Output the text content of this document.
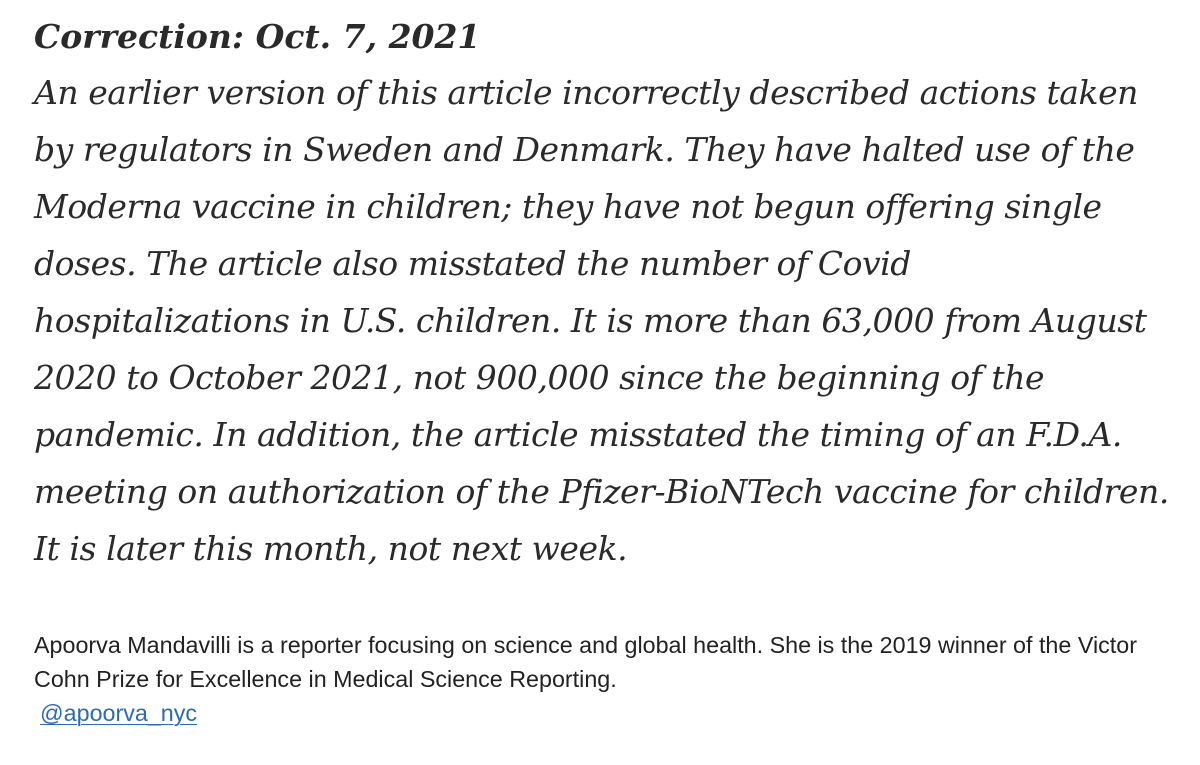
Correction: Oct. 7, 2021

An earlier version of this article incorrectly described actions taken by regulators in Sweden and Denmark. They have halted use of the Moderna vaccine in children; they have not begun offering single doses. The article also misstated the number of Covid hospitalizations in U.S. children. It is more than 63,000 from August 2020 to October 2021, not 900,000 since the beginning of the pandemic. In addition, the article misstated the timing of an F.D.A. meeting on authorization of the Pfizer-BioNTech vaccine for children. It is later this month, not next week.

Apoorva Mandavilli is a reporter focusing on science and global health. She is the 2019 winner of the Victor Cohn Prize for Excellence in Medical Science Reporting.

@apoorva_nyc
